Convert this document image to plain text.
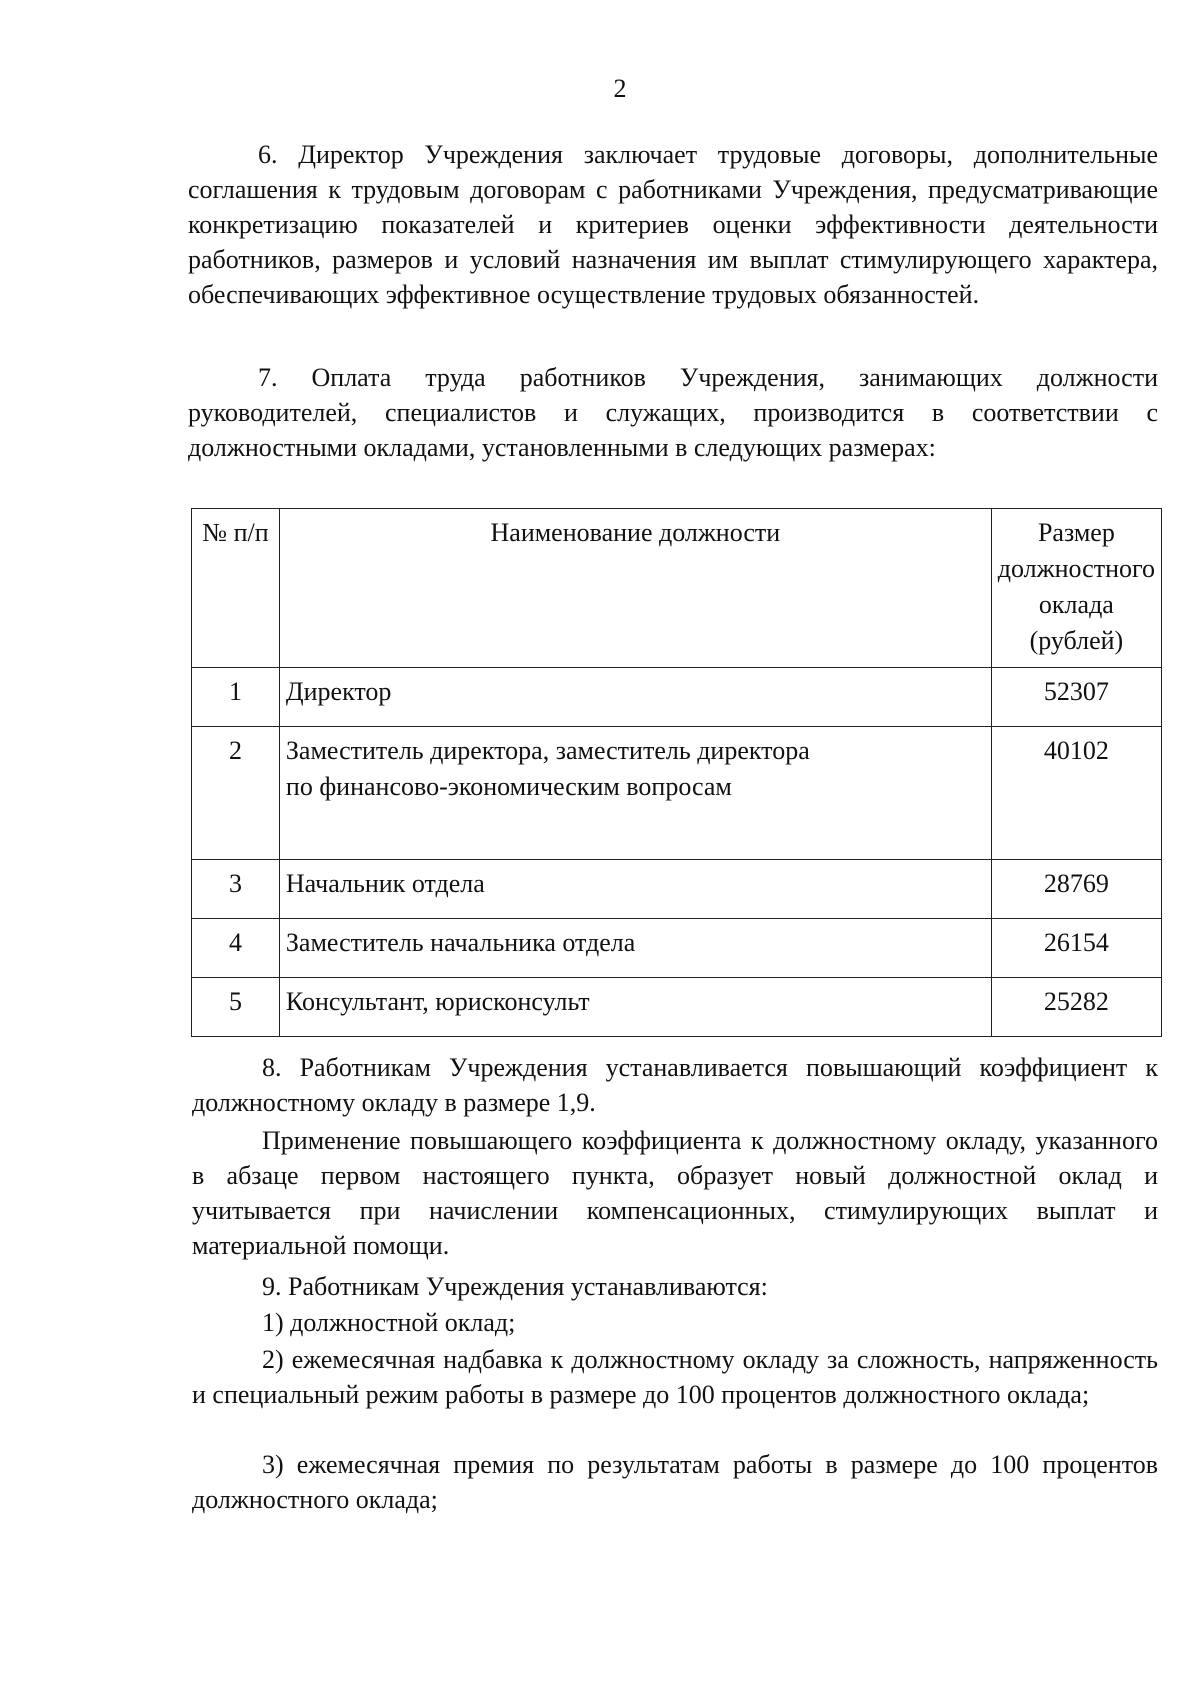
2

6. Директор Учреждения заключает трудовые договоры, дополнительные соглашения к трудовым договорам с работниками Учреждения, предусматривающие конкретизацию показателей и критериев оценки эффективности деятельности работников, размеров и условий назначения им выплат стимулирующего характера, обеспечивающих эффективное осуществление трудовых обязанностей.

7. Оплата труда работников Учреждения, занимающих должности руководителей, специалистов и служащих, производится в соответствии с должностными окладами, установленными в следующих размерах:

№ п/п	Наименование должности	Размер должностного оклада (рублей)
1	Директор	52307
2	Заместитель директора, заместитель директора по финансово-экономическим вопросам	40102
3	Начальник отдела	28769
4	Заместитель начальника отдела	26154
5	Консультант, юрисконсульт	25282

8. Работникам Учреждения устанавливается повышающий коэффициент к должностному окладу в размере 1,9.

Применение повышающего коэффициента к должностному окладу, указанного в абзаце первом настоящего пункта, образует новый должностной оклад и учитывается при начислении компенсационных, стимулирующих выплат и материальной помощи.

9. Работникам Учреждения устанавливаются:

1) должностной оклад;

2) ежемесячная надбавка к должностному окладу за сложность, напряженность и специальный режим работы в размере до 100 процентов должностного оклада;

3) ежемесячная премия по результатам работы в размере до 100 процентов должностного оклада;
